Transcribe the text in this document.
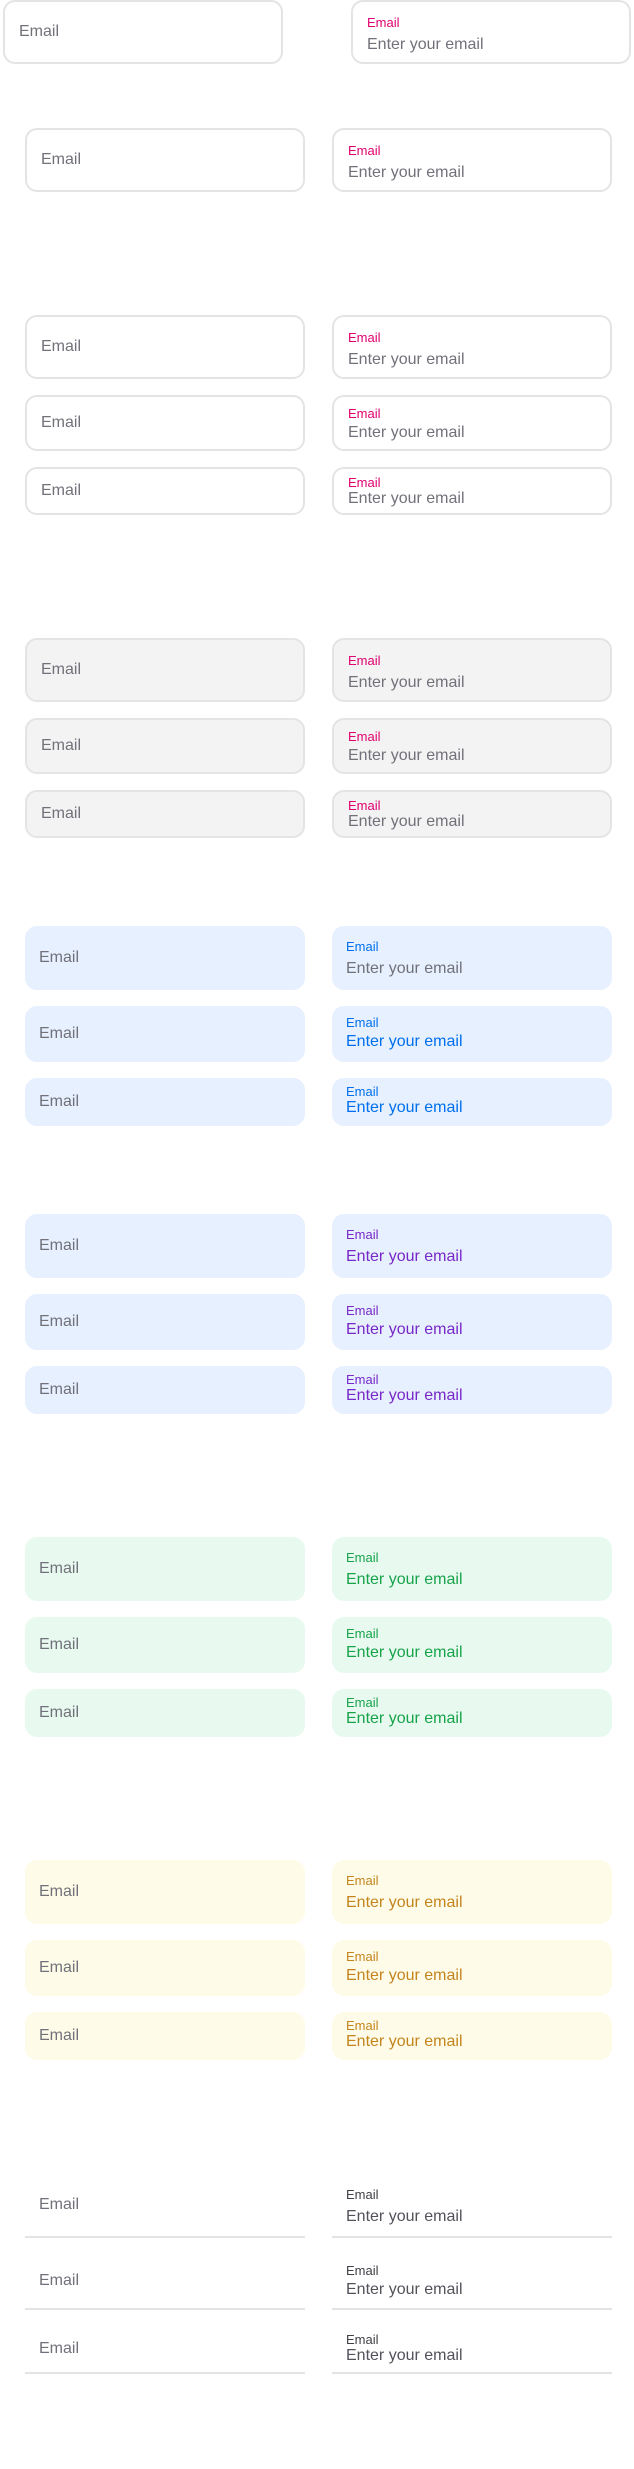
Email
Email
Enter your email
Email
Email
Enter your email
Email
Email
Enter your email
Email
Email
Enter your email
Email	Email
Enter your email
Email
Email
Enter your email
Email
Email
Enter your email
Email	Email
Enter your email
Email
Email
Enter your email
Email
Email
Enter your email
Email
Email
Enter your email
Email
Email
Enter your email
Email
Email
Enter your email
Email
Email
Enter your email
Email
Email
Enter your email
Email
Email
Enter your email
Email
Email
Enter your email
Email
Email
Enter your email
Email
Email
Enter your email
Email
Email
Enter your email
Email
Email
Enter your email
Email
Email
Enter your email
Email
Email
Enter your email
